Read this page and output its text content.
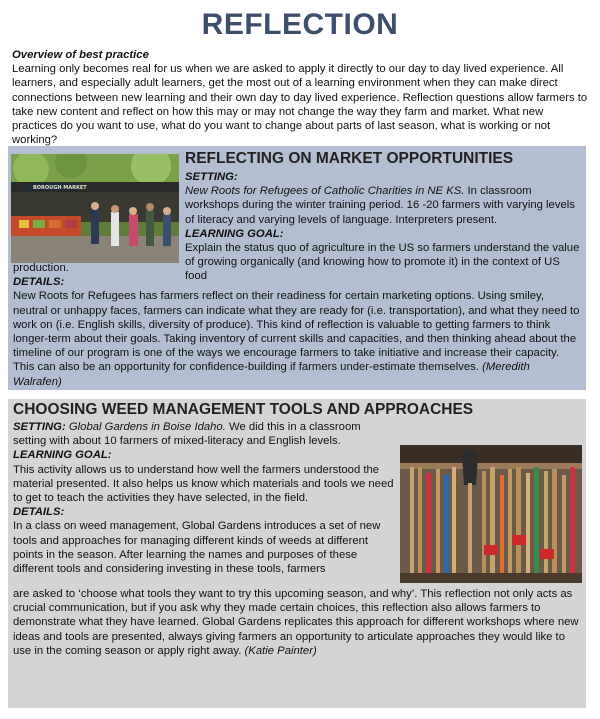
REFLECTION

Overview of best practice

Learning only becomes real for us when we are asked to apply it directly to our day to day lived experience. All learners, and especially adult learners, get the most out of a learning environment when they can make direct connections between new learning and their own day to day lived experience. Reflection questions allow farmers to take new content and reflect on how this may or may not change the way they farm and market. What new practices do you want to use, what do you want to change about parts of last season, what is working or not working?

BOROUGH MARKET
REFLECTING ON MARKET OPPORTUNITIES

SETTING:

New Roots for Refugees of Catholic Charities in NE KS. In classroom workshops during the winter training period. 16 -20 farmers with varying levels of literacy and varying levels of language. Interpreters present.

LEARNING GOAL:

Explain the status quo of agriculture in the US so farmers understand the value of growing organically (and knowing how to promote it) in the context of US food

production.

DETAILS:

New Roots for Refugees has farmers reflect on their readiness for certain marketing options. Using smiley, neutral or unhappy faces, farmers can indicate what they are ready for (i.e. transportation), and what they need to work on (i.e. English skills, diversity of produce). This kind of reflection is valuable to getting farmers to think longer-term about their goals. Taking inventory of current skills and capacities, and then thinking ahead about the timeline of our program is one of the ways we encourage farmers to take initiative and increase their capacity. This can also be an opportunity for confidence-building if farmers under-estimate themselves. (Meredith Walrafen)

CHOOSING WEED MANAGEMENT TOOLS AND APPROACHES

SETTING: Global Gardens in Boise Idaho. We did this in a classroom setting with about 10 farmers of mixed-literacy and English levels.

LEARNING GOAL:

This activity allows us to understand how well the farmers understood the material presented. It also helps us know which materials and tools we need to get to teach the activities they have selected, in the field.

DETAILS:

In a class on weed management, Global Gardens introduces a set of new tools and approaches for managing different kinds of weeds at different points in the season. After learning the names and purposes of these different tools and considering investing in these tools, farmers

are asked to ‘choose what tools they want to try this upcoming season, and why’. This reflection not only acts as crucial communication, but if you ask why they made certain choices, this reflection also allows farmers to demonstrate what they have learned. Global Gardens replicates this approach for different workshops where new ideas and tools are presented, always giving farmers an opportunity to articulate approaches they would like to use in the coming season or apply right away. (Katie Painter)
